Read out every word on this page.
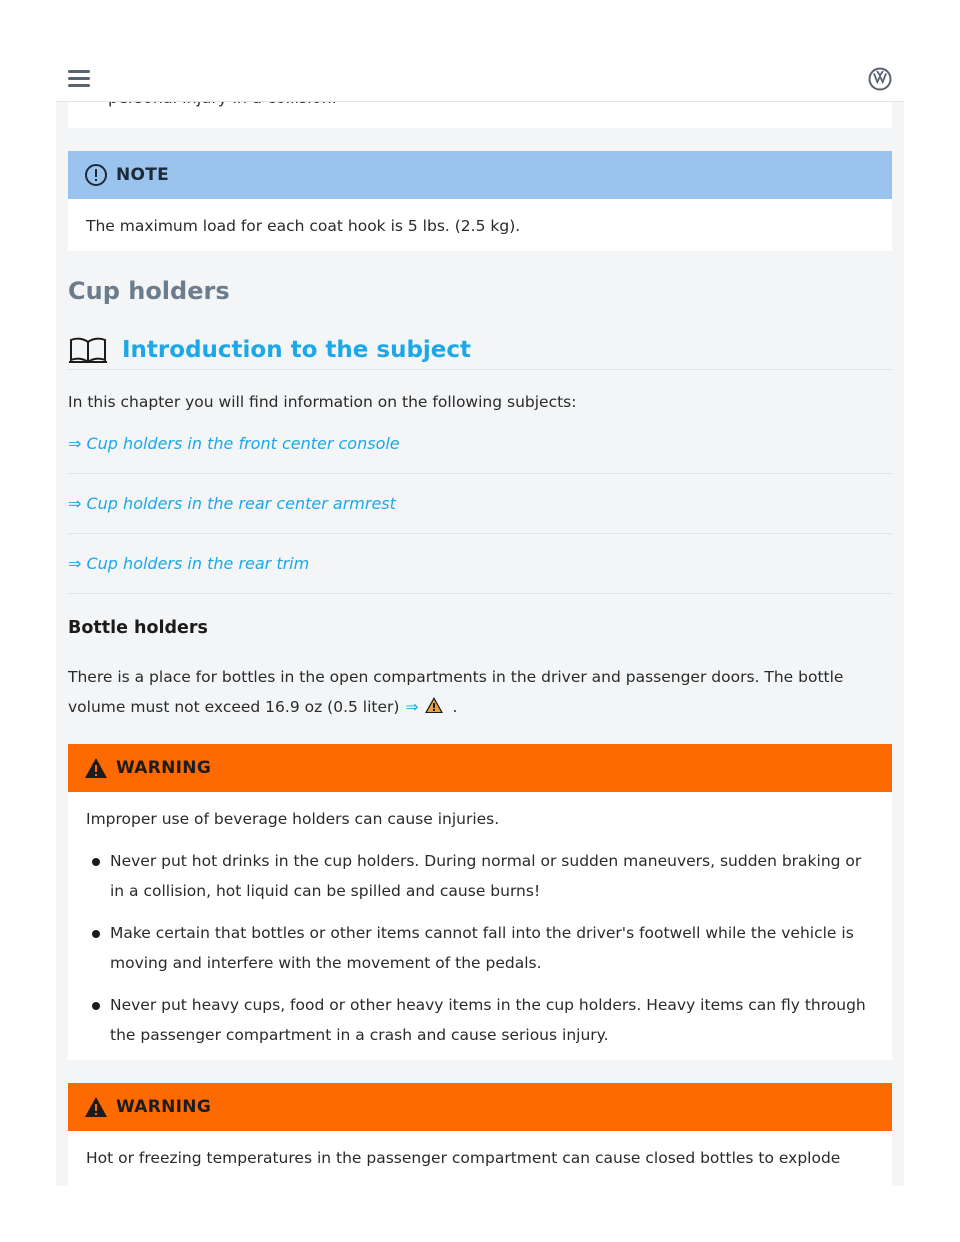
NOTE
The maximum load for each coat hook is 5 lbs. (2.5 kg).
Cup holders
Introduction to the subject
In this chapter you will find information on the following subjects:
⇒ Cup holders in the front center console
⇒ Cup holders in the rear center armrest
⇒ Cup holders in the rear trim
Bottle holders
There is a place for bottles in the open compartments in the driver and passenger doors. The bottle volume must not exceed 16.9 oz (0.5 liter) ⇒ .
WARNING
Improper use of beverage holders can cause injuries.
Never put hot drinks in the cup holders. During normal or sudden maneuvers, sudden braking or in a collision, hot liquid can be spilled and cause burns!
Make certain that bottles or other items cannot fall into the driver's footwell while the vehicle is moving and interfere with the movement of the pedals.
Never put heavy cups, food or other heavy items in the cup holders. Heavy items can fly through the passenger compartment in a crash and cause serious injury.
WARNING
Hot or freezing temperatures in the passenger compartment can cause closed bottles to explode
